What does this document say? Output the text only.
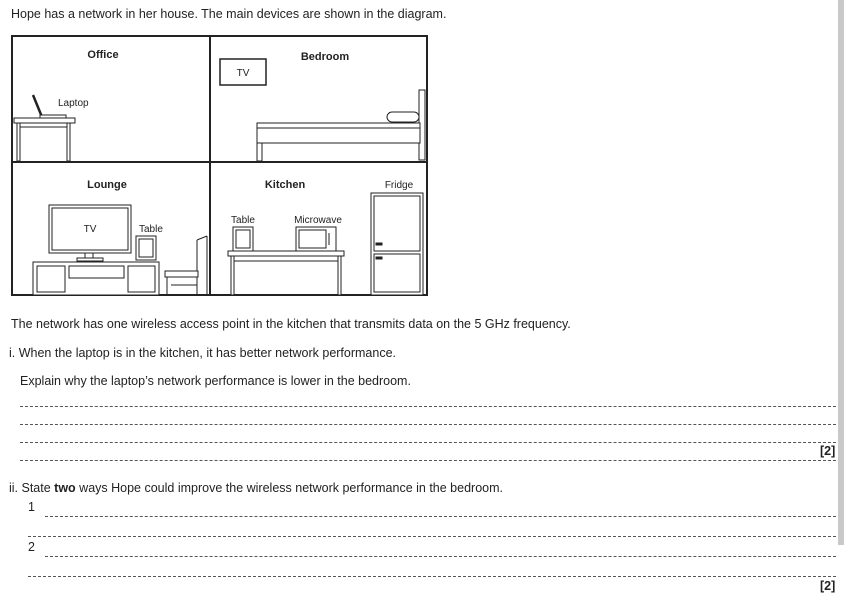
Hope has a network in her house. The main devices are shown in the diagram.
Office	Bedroom
Lounge	Kitchen
Laptop
TV
TV	Table
Table	Microwave
Fridge
The network has one wireless access point in the kitchen that transmits data on the 5 GHz frequency.
i. When the laptop is in the kitchen, it has better network performance.
Explain why the laptop’s network performance is lower in the bedroom.
[2]
ii. State two ways Hope could improve the wireless network performance in the bedroom.
1
2
[2]
